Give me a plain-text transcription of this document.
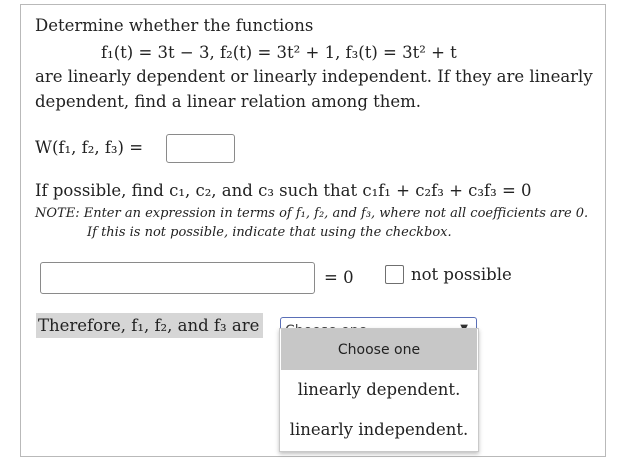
Determine whether the functions
f₁(t) = 3t − 3, f₂(t) = 3t² + 1, f₃(t) = 3t² + t
are linearly dependent or linearly independent. If they are linearly
dependent, find a linear relation among them.
W(f₁, f₂, f₃) =
If possible, find c₁, c₂, and c₃ such that c₁f₁ + c₂f₃ + c₃f₃ = 0
NOTE: Enter an expression in terms of f₁, f₂, and f₃, where not all coefficients are 0.
If this is not possible, indicate that using the checkbox.
= 0	not possible
Therefore, f₁, f₂, and f₃ are
Choose one
linearly dependent.
linearly independent.
